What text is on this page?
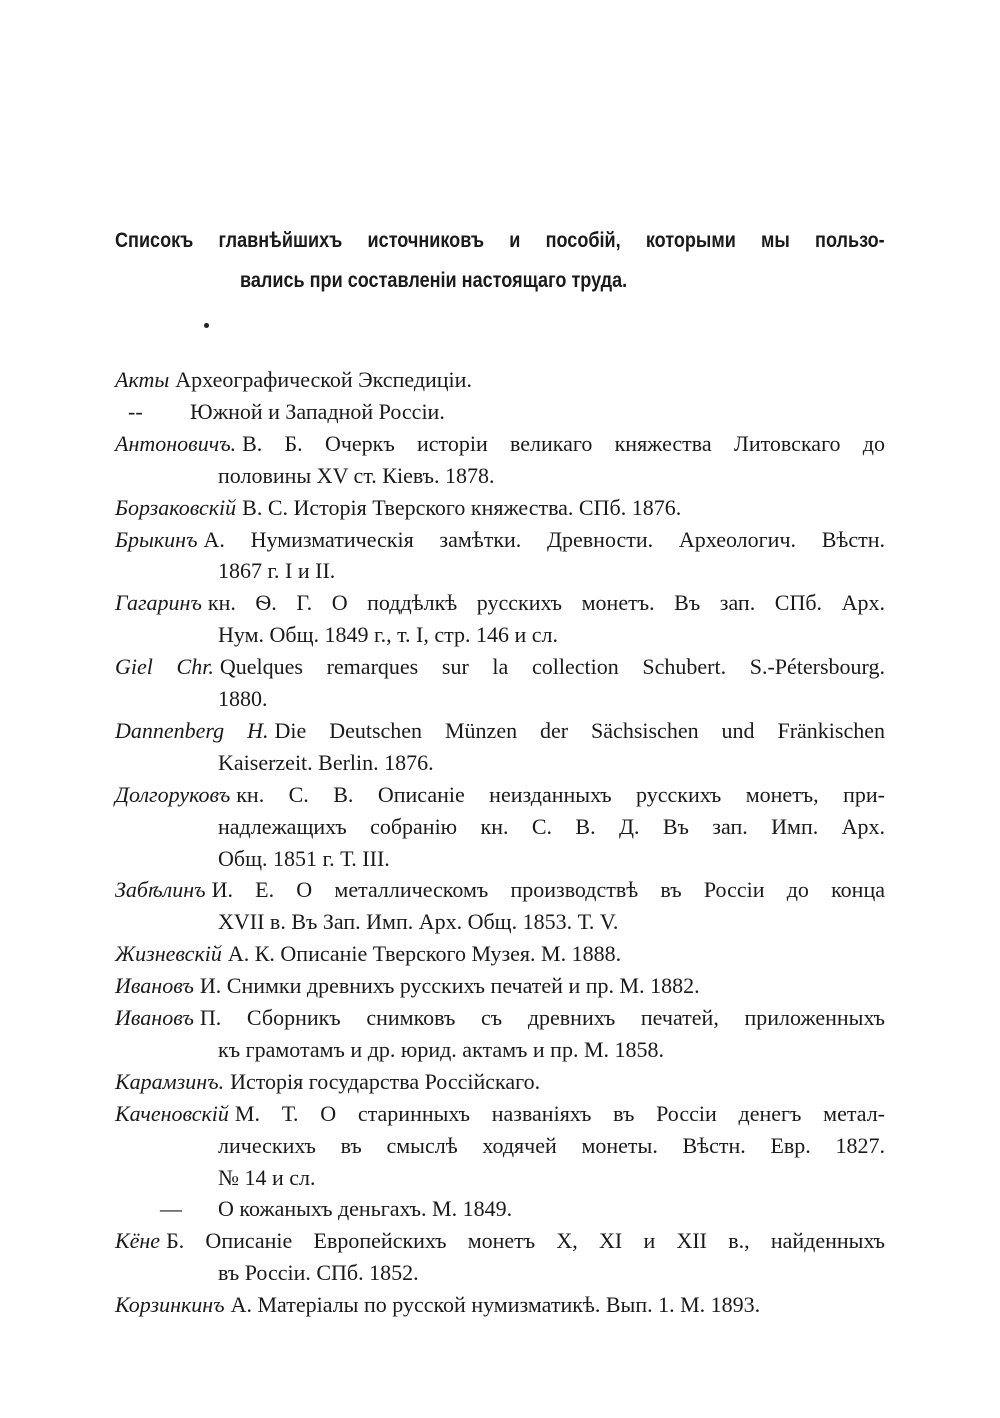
Списокъ главнѣйшихъ источниковъ и пособій, которыми мы пользо-
вались при составленіи настоящаго труда.
Акты Археографической Экспедиціи.
-- Южной и Западной Россіи.
Антоновичъ. В. Б. Очеркъ исторіи великаго княжества Литовскаго до
половины XV ст. Кіевъ. 1878.
Борзаковскій В. С. Исторія Тверского княжества. СПб. 1876.
Брыкинъ А. Нумизматическія замѣтки. Древности. Археологич. Вѣстн.
1867 г. I и II.
Гагаринъ кн. Ѳ. Г. О поддѣлкѣ русскихъ монетъ. Въ зап. СПб. Арх.
Нум. Общ. 1849 г., т. I, стр. 146 и сл.
Giel Chr. Quelques remarques sur la collection Schubert. S.-Pétersbourg.
1880.
Dannenberg H. Die Deutschen Münzen der Sächsischen und Fränkischen
Kaiserzeit. Berlin. 1876.
Долгоруковъ кн. С. В. Описаніе неизданныхъ русскихъ монетъ, при-
надлежащихъ собранію кн. С. В. Д. Въ зап. Имп. Арх.
Общ. 1851 г. Т. III.
Забѣлинъ И. Е. О металлическомъ производствѣ въ Россіи до конца
XVII в. Въ Зап. Имп. Арх. Общ. 1853. Т. V.
Жизневскій А. К. Описаніе Тверского Музея. М. 1888.
Ивановъ И. Снимки древнихъ русскихъ печатей и пр. М. 1882.
Ивановъ П. Сборникъ снимковъ съ древнихъ печатей, приложенныхъ
къ грамотамъ и др. юрид. актамъ и пр. М. 1858.
Карамзинъ. Исторія государства Россійскаго.
Каченовскій М. Т. О старинныхъ названіяхъ въ Россіи денегъ метал-
лическихъ въ смыслѣ ходячей монеты. Вѣстн. Евр. 1827.
№ 14 и сл.
— О кожаныхъ деньгахъ. М. 1849.
Кёне Б. Описаніе Европейскихъ монетъ X, XI и XII в., найденныхъ
въ Россіи. СПб. 1852.
Корзинкинъ А. Матеріалы по русской нумизматикѣ. Вып. 1. М. 1893.
